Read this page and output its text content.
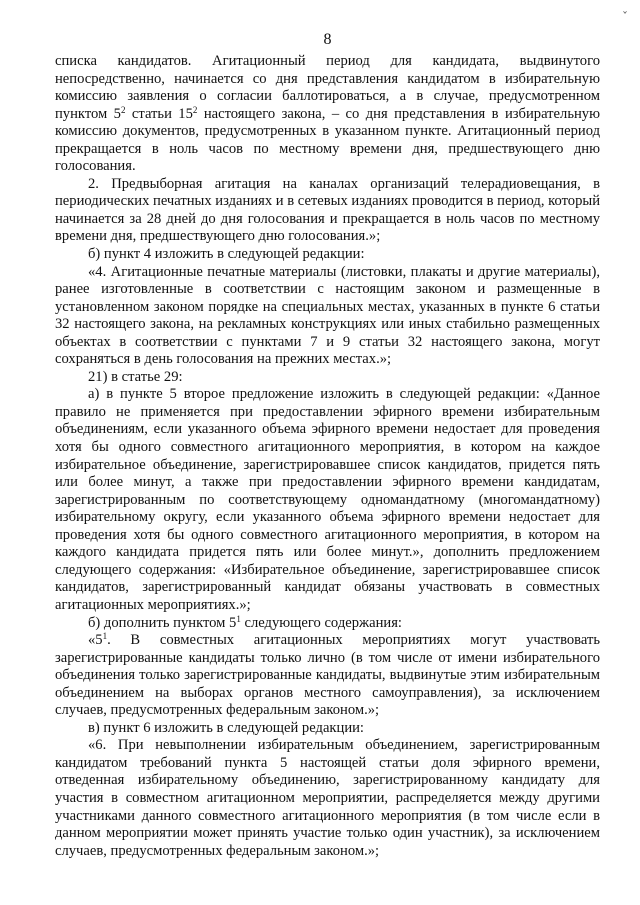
ˇ
8

списка кандидатов. Агитационный период для кандидата, выдвинутого непосредственно, начинается со дня представления кандидатом в избирательную комиссию заявления о согласии баллотироваться, а в случае, предусмотренном пунктом $5^2$ статьи $15^2$ настоящего закона, – со дня представления в избирательную комиссию документов, предусмотренных в указанном пункте. Агитационный период прекращается в ноль часов по местному времени дня, предшествующего дню голосования.

2. Предвыборная агитация на каналах организаций телерадиовещания, в периодических печатных изданиях и в сетевых изданиях проводится в период, который начинается за 28 дней до дня голосования и прекращается в ноль часов по местному времени дня, предшествующего дню голосования.»;

б) пункт 4 изложить в следующей редакции:

«4. Агитационные печатные материалы (листовки, плакаты и другие материалы), ранее изготовленные в соответствии с настоящим законом и размещенные в установленном законом порядке на специальных местах, указанных в пункте 6 статьи 32 настоящего закона, на рекламных конструкциях или иных стабильно размещенных объектах в соответствии с пунктами 7 и 9 статьи 32 настоящего закона, могут сохраняться в день голосования на прежних местах.»;

21) в статье 29:

а) в пункте 5 второе предложение изложить в следующей редакции: «Данное правило не применяется при предоставлении эфирного времени избирательным объединениям, если указанного объема эфирного времени недостает для проведения хотя бы одного совместного агитационного мероприятия, в котором на каждое избирательное объединение, зарегистрировавшее список кандидатов, придется пять или более минут, а также при предоставлении эфирного времени кандидатам, зарегистрированным по соответствующему одномандатному (многомандатному) избирательному округу, если указанного объема эфирного времени недостает для проведения хотя бы одного совместного агитационного мероприятия, в котором на каждого кандидата придется пять или более минут.», дополнить предложением следующего содержания: «Избирательное объединение, зарегистрировавшее список кандидатов, зарегистрированный кандидат обязаны участвовать в совместных агитационных мероприятиях.»;

б) дополнить пунктом $5^1$ следующего содержания:

«$5^1$. В совместных агитационных мероприятиях могут участвовать зарегистрированные кандидаты только лично (в том числе от имени избирательного объединения только зарегистрированные кандидаты, выдвинутые этим избирательным объединением на выборах органов местного самоуправления), за исключением случаев, предусмотренных федеральным законом.»;

в) пункт 6 изложить в следующей редакции:

«6. При невыполнении избирательным объединением, зарегистрированным кандидатом требований пункта 5 настоящей статьи доля эфирного времени, отведенная избирательному объединению, зарегистрированному кандидату для участия в совместном агитационном мероприятии, распределяется между другими участниками данного совместного агитационного мероприятия (в том числе если в данном мероприятии может принять участие только один участник), за исключением случаев, предусмотренных федеральным законом.»;
